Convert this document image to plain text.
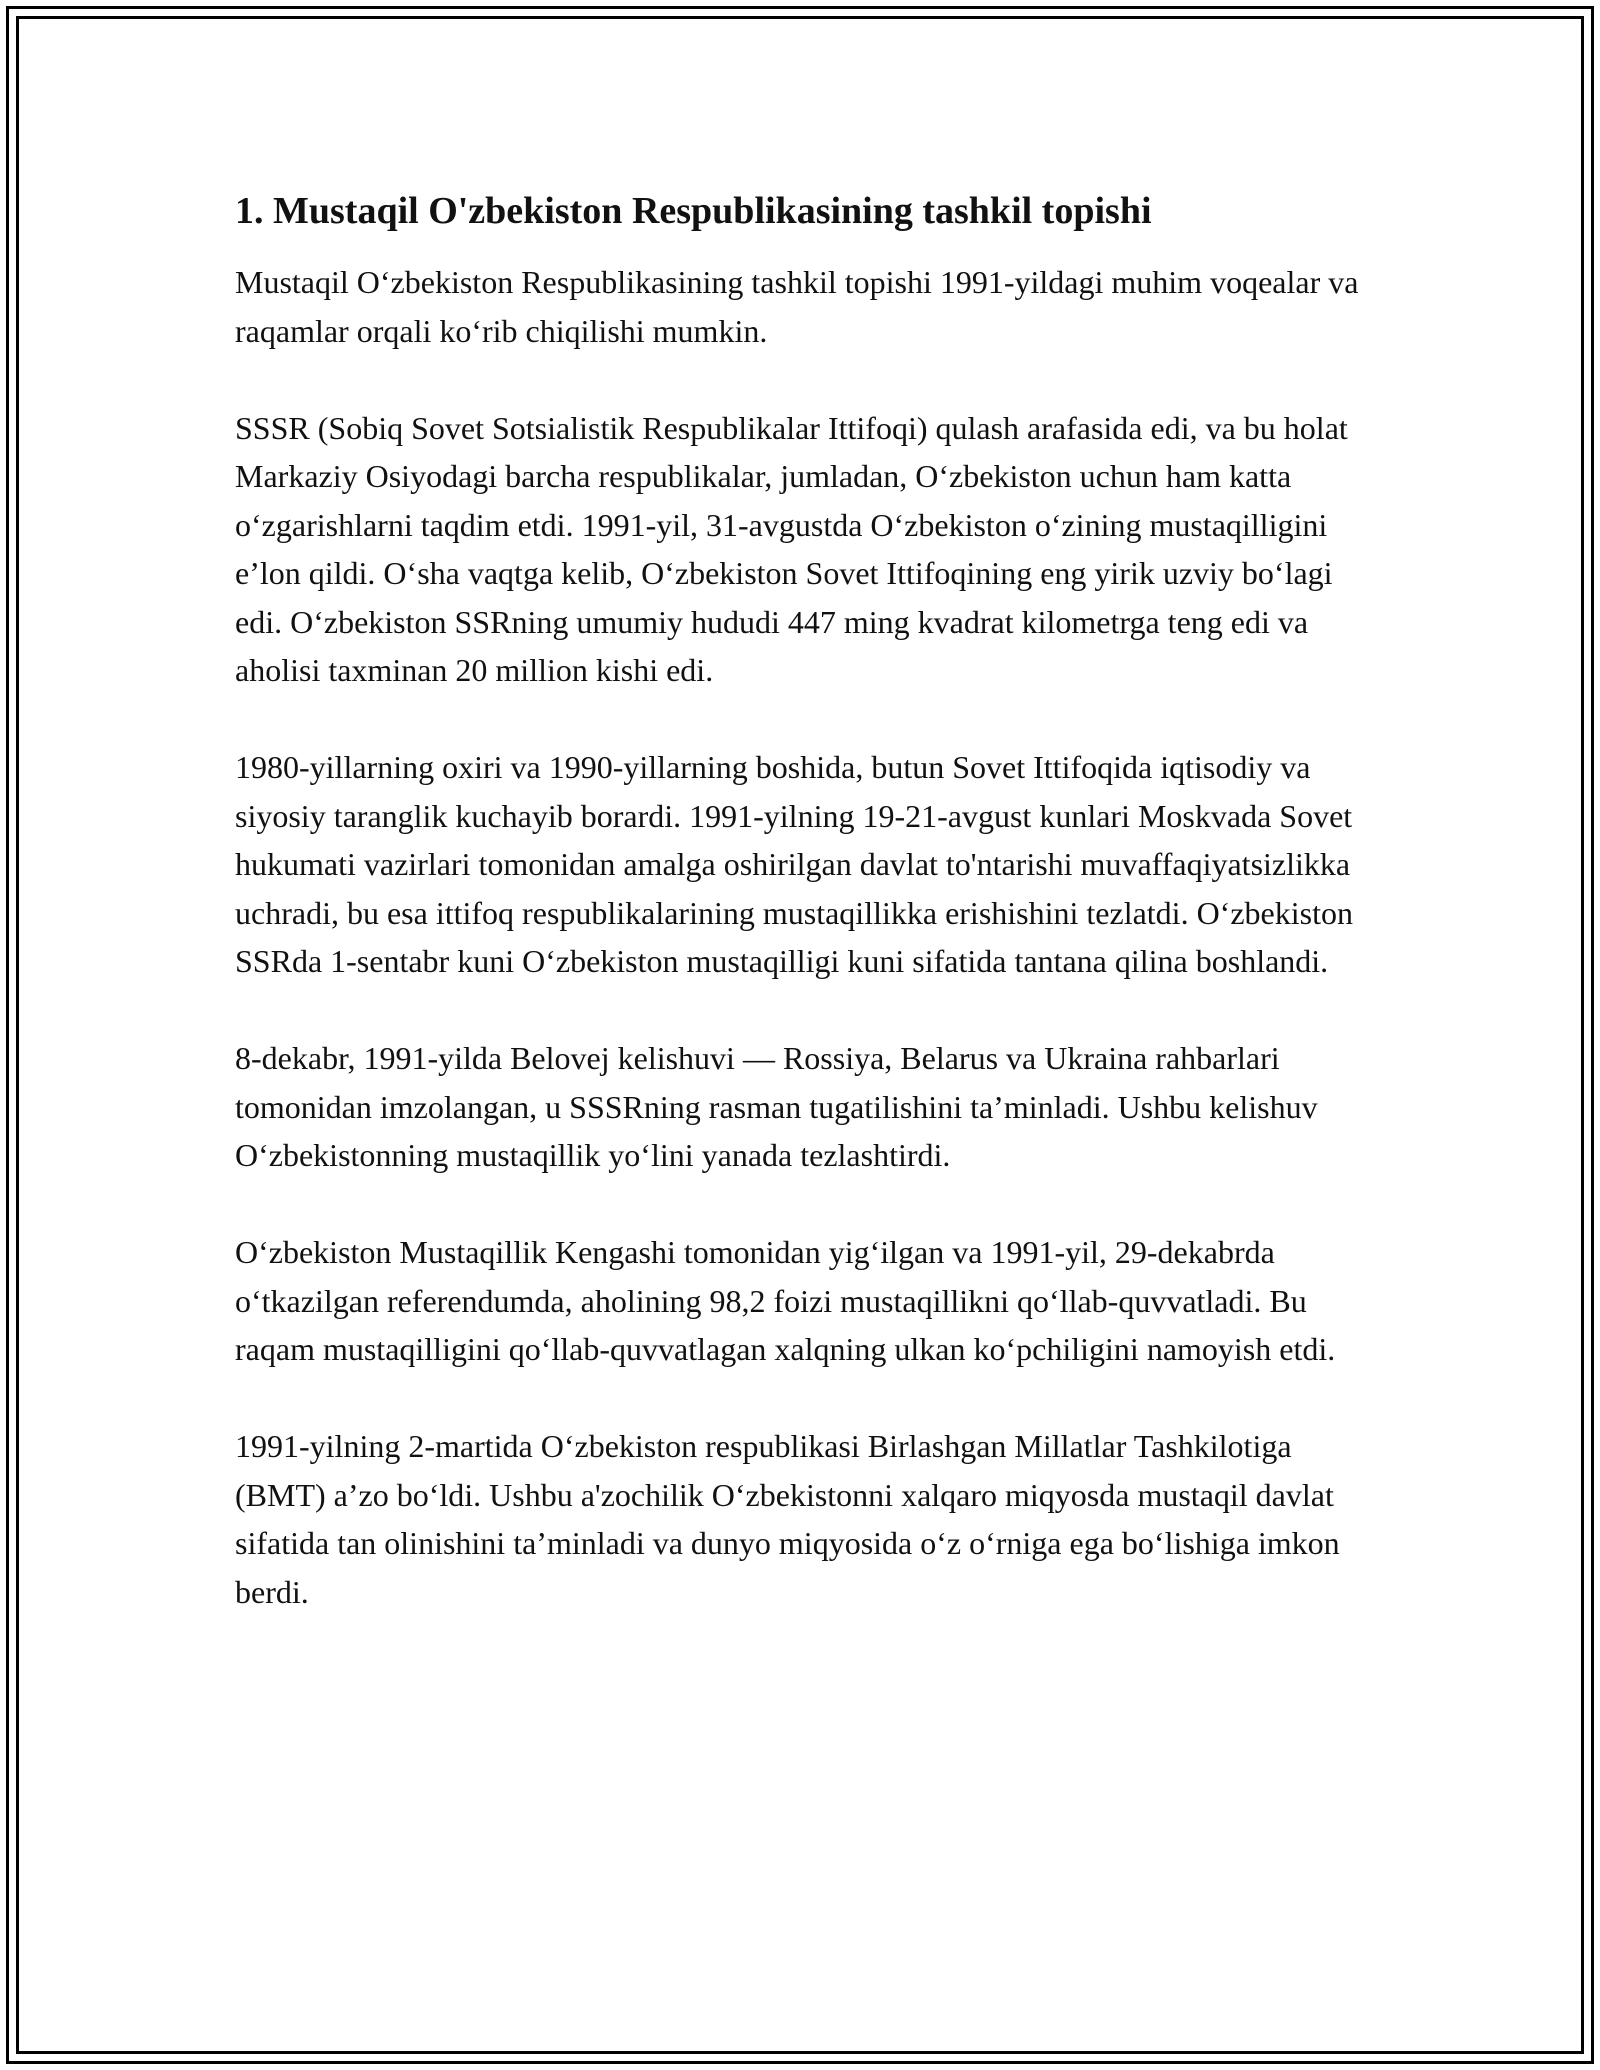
1. Mustaqil O'zbekiston Respublikasining tashkil topishi

Mustaqil O‘zbekiston Respublikasining tashkil topishi 1991-yildagi muhim voqealar va raqamlar orqali ko‘rib chiqilishi mumkin.

SSSR (Sobiq Sovet Sotsialistik Respublikalar Ittifoqi) qulash arafasida edi, va bu holat Markaziy Osiyodagi barcha respublikalar, jumladan, O‘zbekiston uchun ham katta o‘zgarishlarni taqdim etdi. 1991-yil, 31-avgustda O‘zbekiston o‘zining mustaqilligini e’lon qildi. O‘sha vaqtga kelib, O‘zbekiston Sovet Ittifoqining eng yirik uzviy bo‘lagi edi. O‘zbekiston SSRning umumiy hududi 447 ming kvadrat kilometrga teng edi va aholisi taxminan 20 million kishi edi.

1980-yillarning oxiri va 1990-yillarning boshida, butun Sovet Ittifoqida iqtisodiy va siyosiy taranglik kuchayib borardi. 1991-yilning 19-21-avgust kunlari Moskvada Sovet hukumati vazirlari tomonidan amalga oshirilgan davlat to'ntarishi muvaffaqiyatsizlikka uchradi, bu esa ittifoq respublikalarining mustaqillikka erishishini tezlatdi. O‘zbekiston SSRda 1-sentabr kuni O‘zbekiston mustaqilligi kuni sifatida tantana qilina boshlandi.

8-dekabr, 1991-yilda Belovej kelishuvi — Rossiya, Belarus va Ukraina rahbarlari tomonidan imzolangan, u SSSRning rasman tugatilishini ta’minladi. Ushbu kelishuv O‘zbekistonning mustaqillik yo‘lini yanada tezlashtirdi.

O‘zbekiston Mustaqillik Kengashi tomonidan yig‘ilgan va 1991-yil, 29-dekabrda o‘tkazilgan referendumda, aholining 98,2 foizi mustaqillikni qo‘llab-quvvatladi. Bu raqam mustaqilligini qo‘llab-quvvatlagan xalqning ulkan ko‘pchiligini namoyish etdi.

1991-yilning 2-martida O‘zbekiston respublikasi Birlashgan Millatlar Tashkilotiga (BMT) a’zo bo‘ldi. Ushbu a'zochilik O‘zbekistonni xalqaro miqyosda mustaqil davlat sifatida tan olinishini ta’minladi va dunyo miqyosida o‘z o‘rniga ega bo‘lishiga imkon berdi.
